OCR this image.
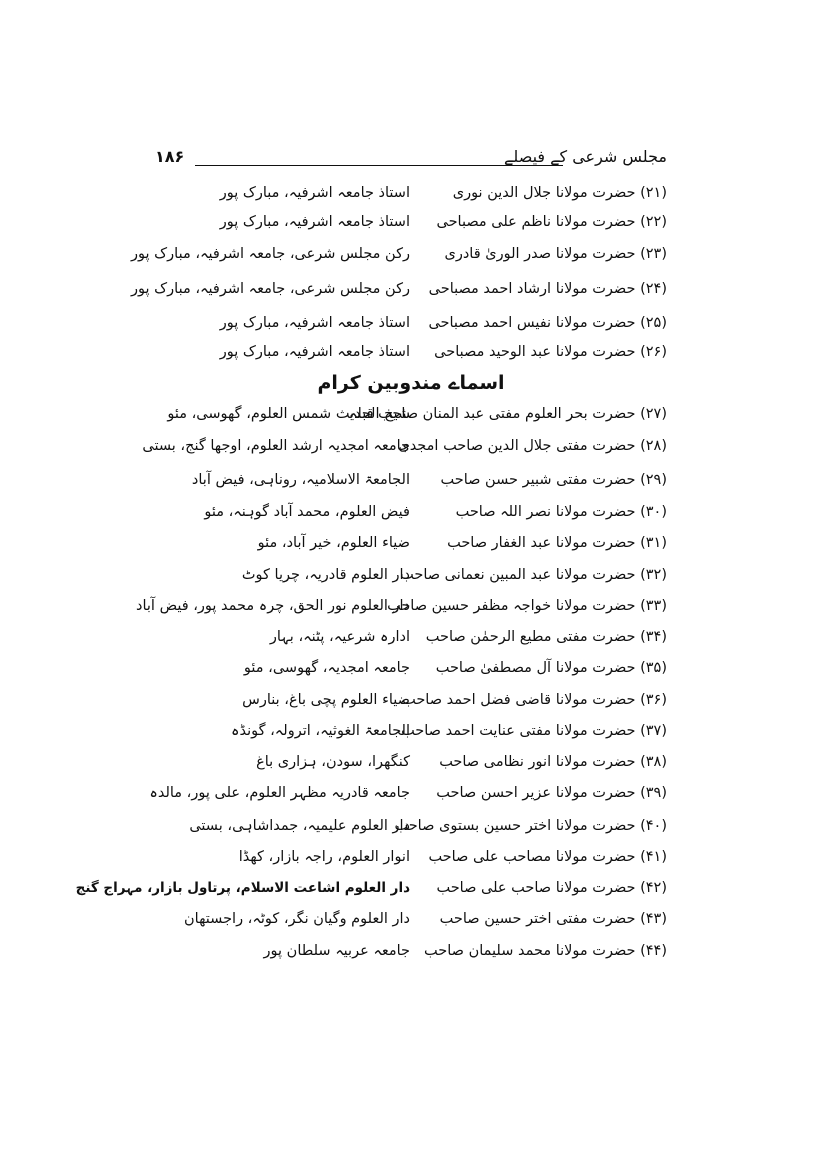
مجلس شرعی کے فیصلے
۱۸۶
(۲۱) حضرت مولانا جلال الدین نوری
استاذ جامعہ اشرفیہ، مبارک پور
(۲۲) حضرت مولانا ناظم علی مصباحی
استاذ جامعہ اشرفیہ، مبارک پور
(۲۳) حضرت مولانا صدر الوریٰ قادری
رکن مجلس شرعی، جامعہ اشرفیہ، مبارک پور
(۲۴) حضرت مولانا ارشاد احمد مصباحی
رکن مجلس شرعی، جامعہ اشرفیہ، مبارک پور
(۲۵) حضرت مولانا نفیس احمد مصباحی
استاذ جامعہ اشرفیہ، مبارک پور
(۲۶) حضرت مولانا عبد الوحید مصباحی
استاذ جامعہ اشرفیہ، مبارک پور
اسماے مندوبین کرام
(۲۷) حضرت بحر العلوم مفتی عبد المنان صاحب قبلہ
شیخ الحدیث شمس العلوم، گھوسی، مئو
(۲۸) حضرت مفتی جلال الدین صاحب امجدی
جامعہ امجدیہ ارشد العلوم، اوجھا گنج، بستی
(۲۹) حضرت مفتی شبیر حسن صاحب
الجامعۃ الاسلامیہ، روناہی، فیض آباد
(۳۰) حضرت مولانا نصر اللہ صاحب
فیض العلوم، محمد آباد گوہنہ، مئو
(۳۱) حضرت مولانا عبد الغفار صاحب
ضیاء العلوم، خیر آباد، مئو
(۳۲) حضرت مولانا عبد المبین نعمانی صاحب
دار العلوم قادریہ، چریا کوٹ
(۳۳) حضرت مولانا خواجہ مظفر حسین صاحب
دار العلوم نور الحق، چرہ محمد پور، فیض آباد
(۳۴) حضرت مفتی مطیع الرحمٰن صاحب
ادارہ شرعیہ، پٹنہ، بہار
(۳۵) حضرت مولانا آل مصطفیٰ صاحب
جامعہ امجدیہ، گھوسی، مئو
(۳۶) حضرت مولانا قاضی فضل احمد صاحب
ضیاء العلوم پچی باغ، بنارس
(۳۷) حضرت مولانا مفتی عنایت احمد صاحب
الجامعۃ الغوثیہ، اترولہ، گونڈہ
(۳۸) حضرت مولانا انور نظامی صاحب
کنگھرا، سودن، ہزاری باغ
(۳۹) حضرت مولانا عزیر احسن صاحب
جامعہ قادریہ مظہر العلوم، علی پور، مالدہ
(۴۰) حضرت مولانا اختر حسین بستوی صاحب
دار العلوم علیمیہ، جمداشاہی، بستی
(۴۱) حضرت مولانا مصاحب علی صاحب
انوار العلوم، راجہ بازار، کھڈا
(۴۲) حضرت مولانا صاحب علی صاحب
دار العلوم اشاعت الاسلام، پرتاول بازار، مہراج گنج
(۴۳) حضرت مفتی اختر حسین صاحب
دار العلوم وگیان نگر، کوٹہ، راجستھان
(۴۴) حضرت مولانا محمد سلیمان صاحب
جامعہ عربیہ سلطان پور
